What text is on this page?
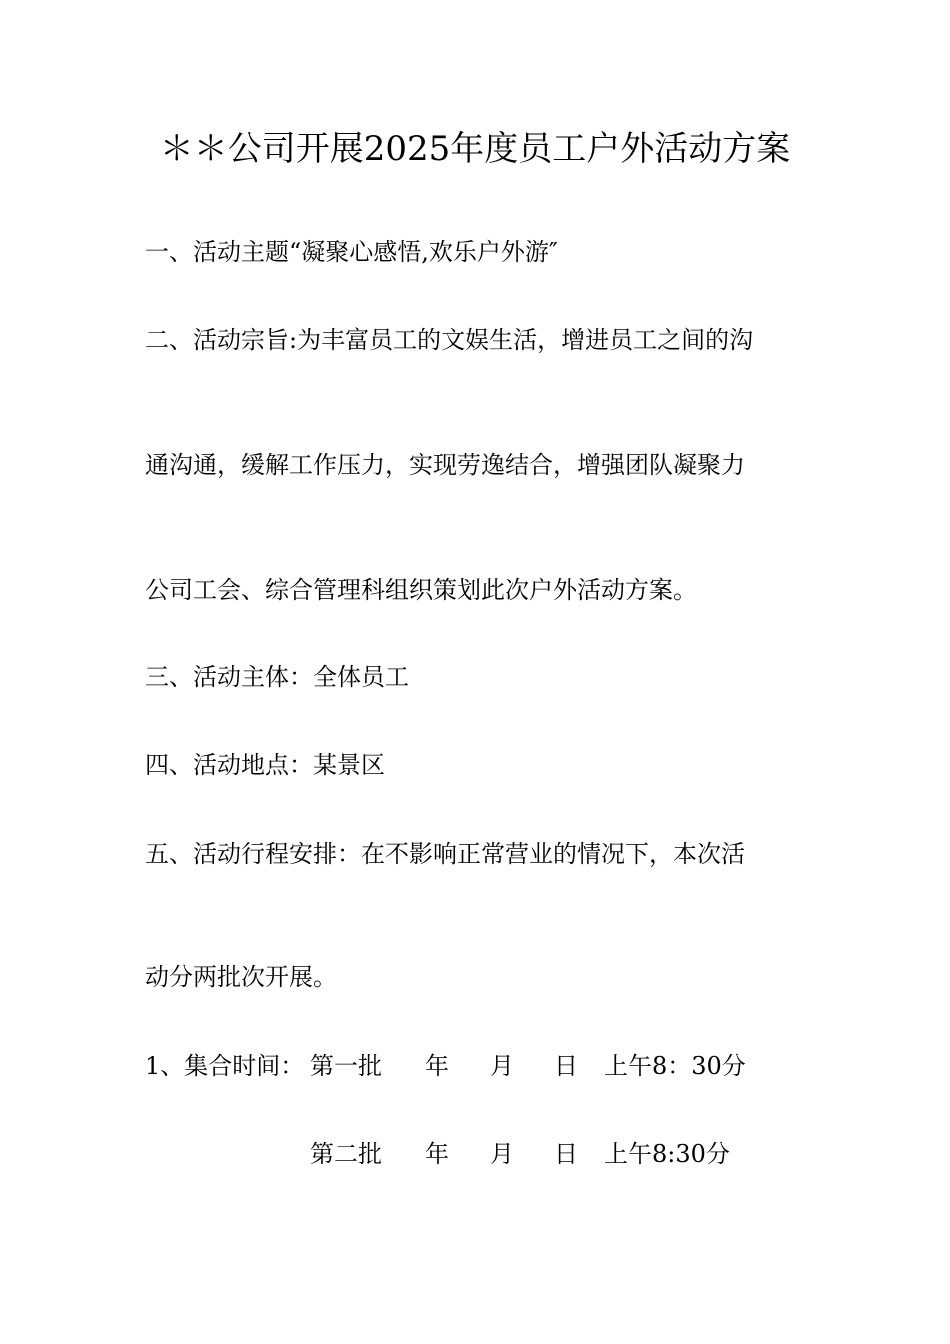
＊＊公司开展2025年度员工户外活动方案
一、活动主题“凝聚心感悟,欢乐户外游″
二、活动宗旨:为丰富员工的文娱生活，增进员工之间的沟
通沟通，缓解工作压力，实现劳逸结合，增强团队凝聚力
公司工会、综合管理科组织策划此次户外活动方案。
三、活动主体：全体员工
四、活动地点：某景区
五、活动行程安排：在不影响正常营业的情况下，本次活
动分两批次开展。
1、集合时间： 第一批 年 月 日 上午8：30分
第二批 年 月 日 上午8:30分
